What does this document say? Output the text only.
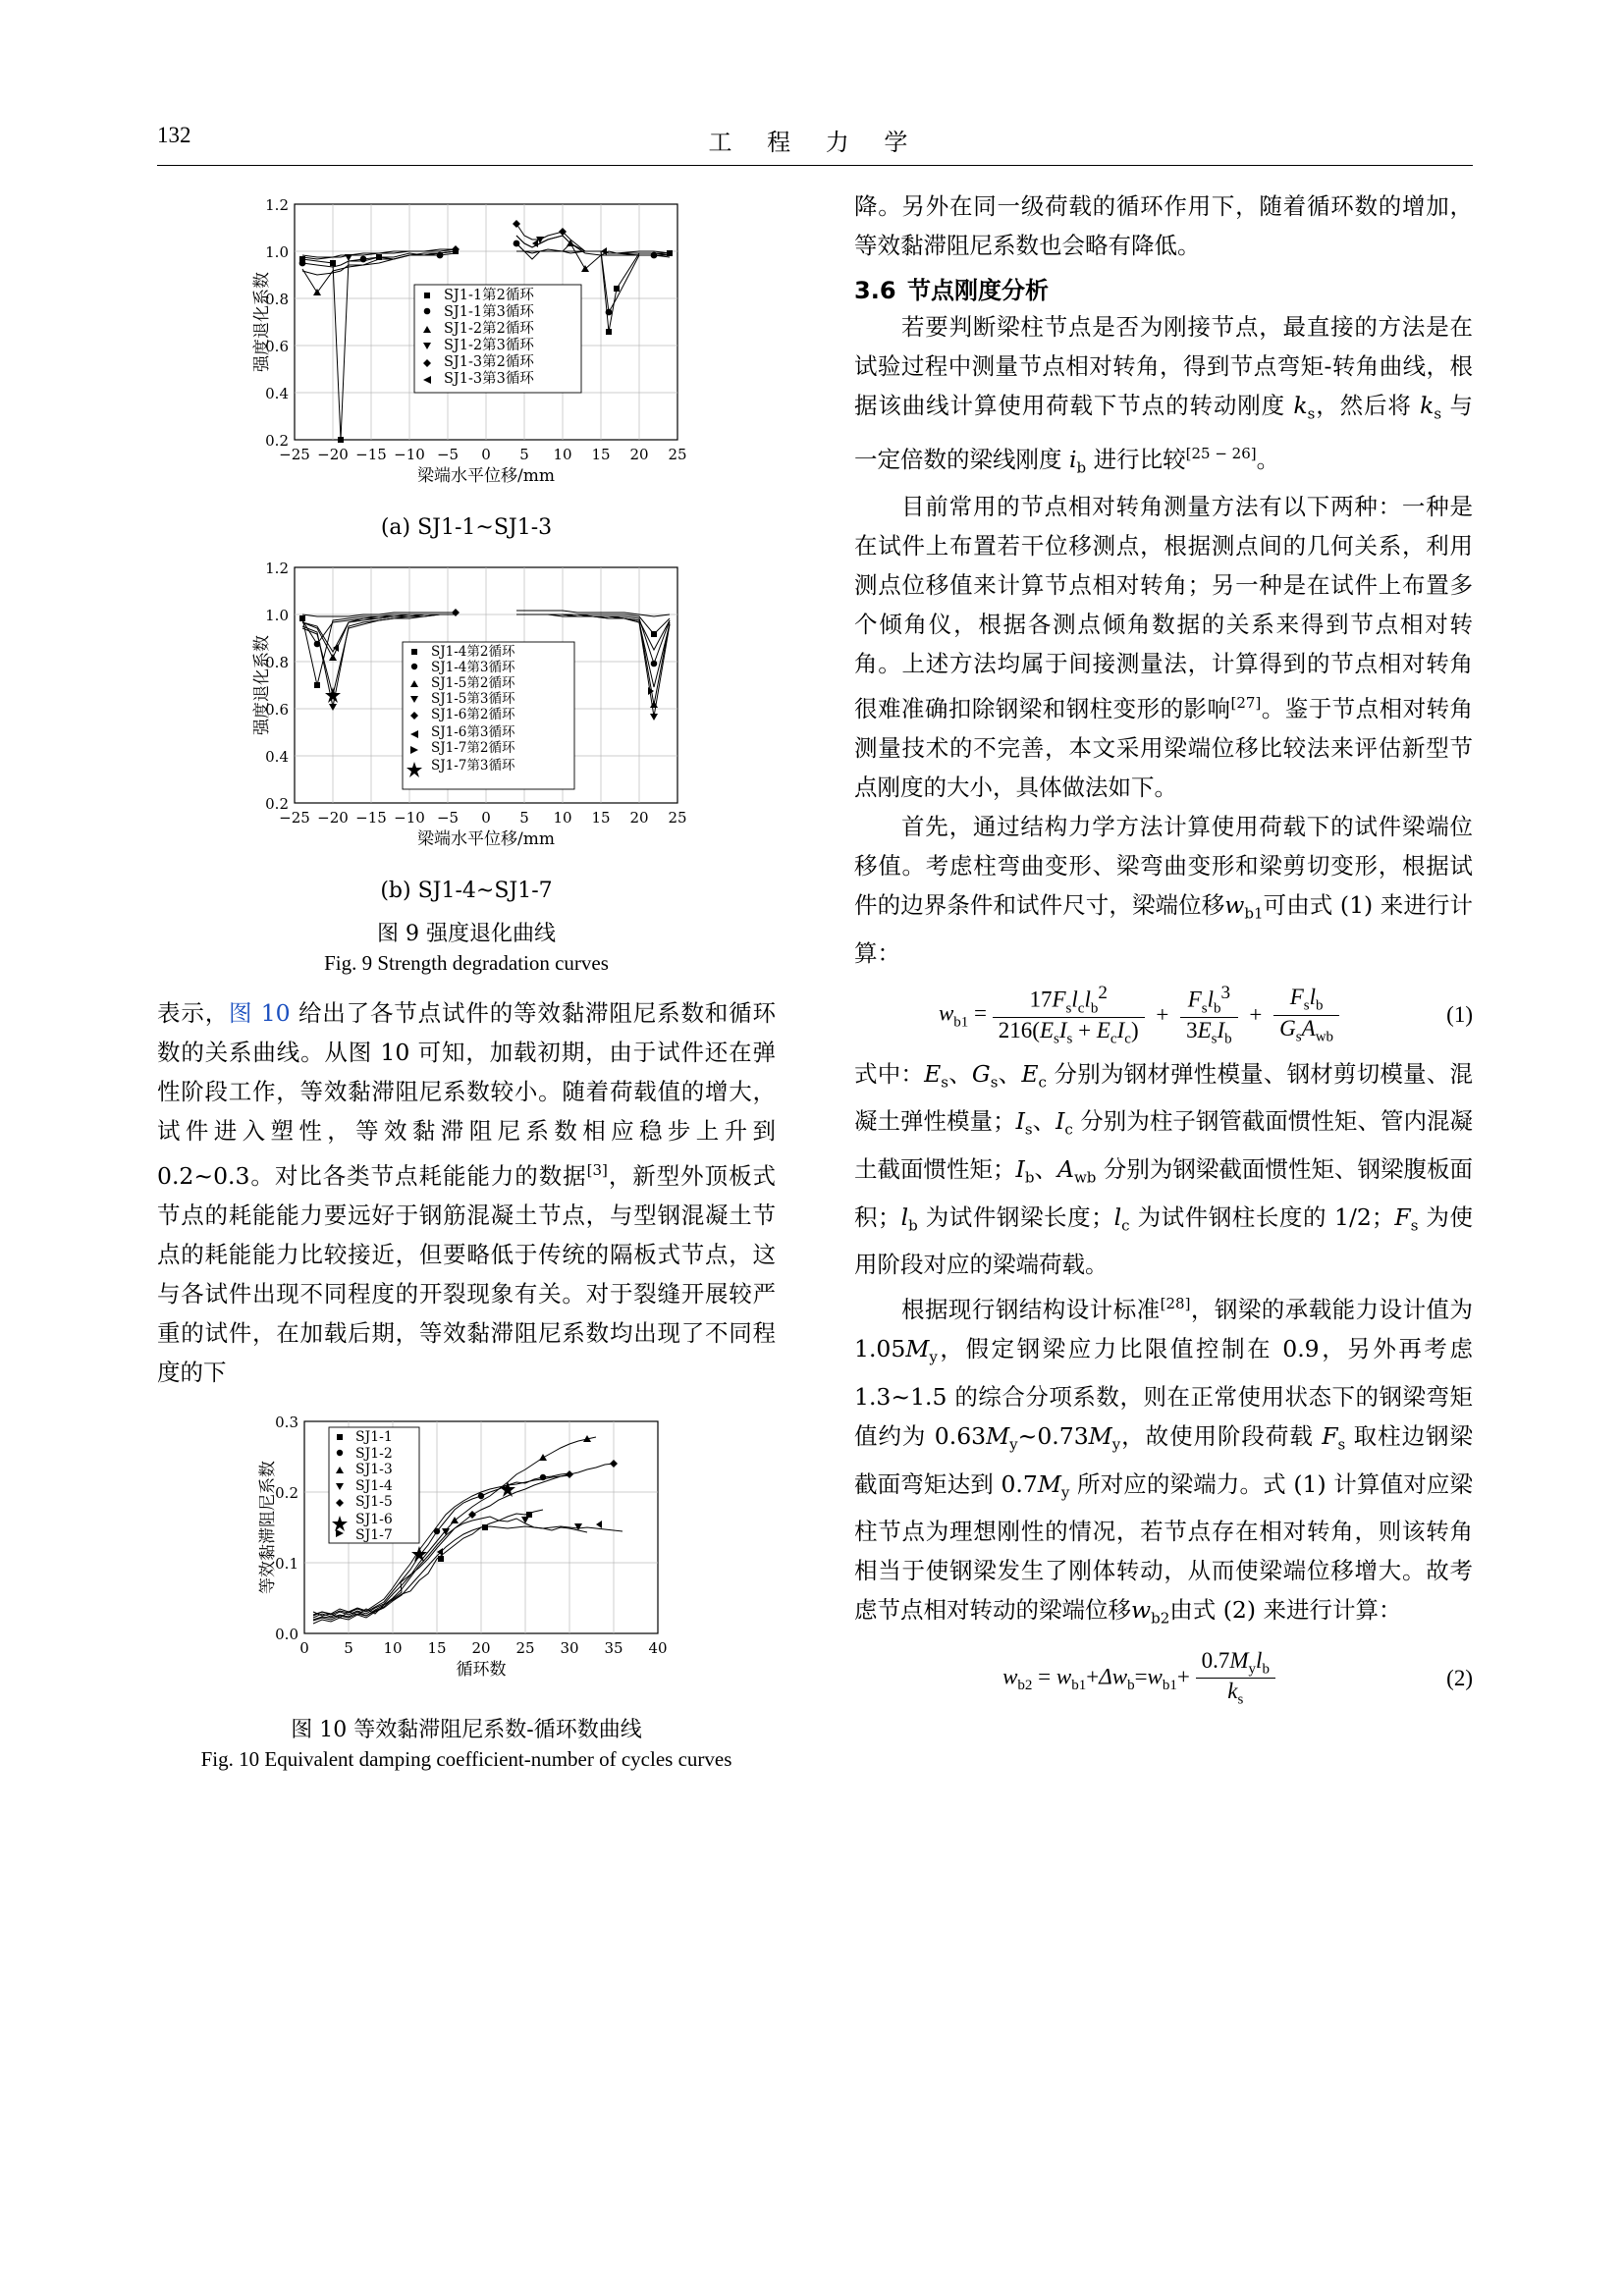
132	工 程 力 学
1.2
1.0
0.8
0.6
0.4
0.2
−25 −20 −15 −10 −5 0 5 10 15 20 25
梁端水平位移/mm
强度退化系数	SJ1-1第2循环
SJ1-1第3循环
SJ1-2第2循环
SJ1-2第3循环
SJ1-3第2循环
SJ1-3第3循环
(a) SJ1-1~SJ1-3
1.2
1.0
0.8
0.6
0.4
0.2
−25 −20 −15 −10 −5 0 5 10 15 20 25
梁端水平位移/mm
强度退化系数	SJ1-4第2循环
SJ1-4第3循环
SJ1-5第2循环
SJ1-5第3循环
SJ1-6第2循环
SJ1-6第3循环
SJ1-7第2循环
SJ1-7第3循环
(b) SJ1-4~SJ1-7
图 9 强度退化曲线
Fig. 9 Strength degradation curves

表示，图 10 给出了各节点试件的等效黏滞阻尼系数和循环数的关系曲线。从图 10 可知，加载初期，由于试件还在弹性阶段工作，等效黏滞阻尼系数较小。随着荷载值的增大，试件进入塑性，等效黏滞阻尼系数相应稳步上升到 0.2~0.3。对比各类节点耗能能力的数据[3]，新型外顶板式节点的耗能能力要远好于钢筋混凝土节点，与型钢混凝土节点的耗能能力比较接近，但要略低于传统的隔板式节点，这与各试件出现不同程度的开裂现象有关。对于裂缝开展较严重的试件，在加载后期，等效黏滞阻尼系数均出现了不同程度的下

0.3
0.2
0.1
0.0
0 5 10 15 20 25 30 35 40
循环数
等效黏滞阻尼系数
SJ1-1
SJ1-2
SJ1-3
SJ1-4
SJ1-5
SJ1-6
SJ1-7
图 10 等效黏滞阻尼系数-循环数曲线
Fig. 10 Equivalent damping coefficient-number of cycles curves

降。另外在同一级荷载的循环作用下，随着循环数的增加，等效黏滞阻尼系数也会略有降低。

3.6 节点刚度分析

若要判断梁柱节点是否为刚接节点，最直接的方法是在试验过程中测量节点相对转角，得到节点弯矩-转角曲线，根据该曲线计算使用荷载下节点的转动刚度 $k_s$，然后将 $k_s$ 与一定倍数的梁线刚度 $i_b$ 进行比较[25 − 26]。

目前常用的节点相对转角测量方法有以下两种：一种是在试件上布置若干位移测点，根据测点间的几何关系，利用测点位移值来计算节点相对转角；另一种是在试件上布置多个倾角仪，根据各测点倾角数据的关系来得到节点相对转角。上述方法均属于间接测量法，计算得到的节点相对转角很难准确扣除钢梁和钢柱变形的影响[27]。鉴于节点相对转角测量技术的不完善，本文采用梁端位移比较法来评估新型节点刚度的大小，具体做法如下。

首先，通过结构力学方法计算使用荷载下的试件梁端位移值。考虑柱弯曲变形、梁弯曲变形和梁剪切变形，根据试件的边界条件和试件尺寸，梁端位移$w_{b1}$可由式 (1) 来进行计算：

$w_{b1} = \frac{17F_sl_cl_b^2}{216(E_sI_s + E_cI_c)} + \frac{F_sl_b^3}{3E_sI_b} + \frac{F_sl_b}{G_sA_{wb}}$	(1)

式中：$E_s$、$G_s$、$E_c$ 分别为钢材弹性模量、钢材剪切模量、混凝土弹性模量；$I_s$、$I_c$ 分别为柱子钢管截面惯性矩、管内混凝土截面惯性矩；$I_b$、$A_{wb}$ 分别为钢梁截面惯性矩、钢梁腹板面积；$l_b$ 为试件钢梁长度；$l_c$ 为试件钢柱长度的 1/2；$F_s$ 为使用阶段对应的梁端荷载。

根据现行钢结构设计标准[28]，钢梁的承载能力设计值为 $1.05M_y$，假定钢梁应力比限值控制在 0.9，另外再考虑 1.3~1.5 的综合分项系数，则在正常使用状态下的钢梁弯矩值约为 $0.63M_y\sim 0.73M_y$，故使用阶段荷载 $F_s$ 取柱边钢梁截面弯矩达到 $0.7M_y$ 所对应的梁端力。式 (1) 计算值对应梁柱节点为理想刚性的情况，若节点存在相对转角，则该转角相当于使钢梁发生了刚体转动，从而使梁端位移增大。故考虑节点相对转动的梁端位移$w_{b2}$由式 (2) 来进行计算：

$w_{b2} = w_{b1}+\Delta w_b=w_{b1}+ \frac{0.7M_yl_b}{k_s}$	(2)
